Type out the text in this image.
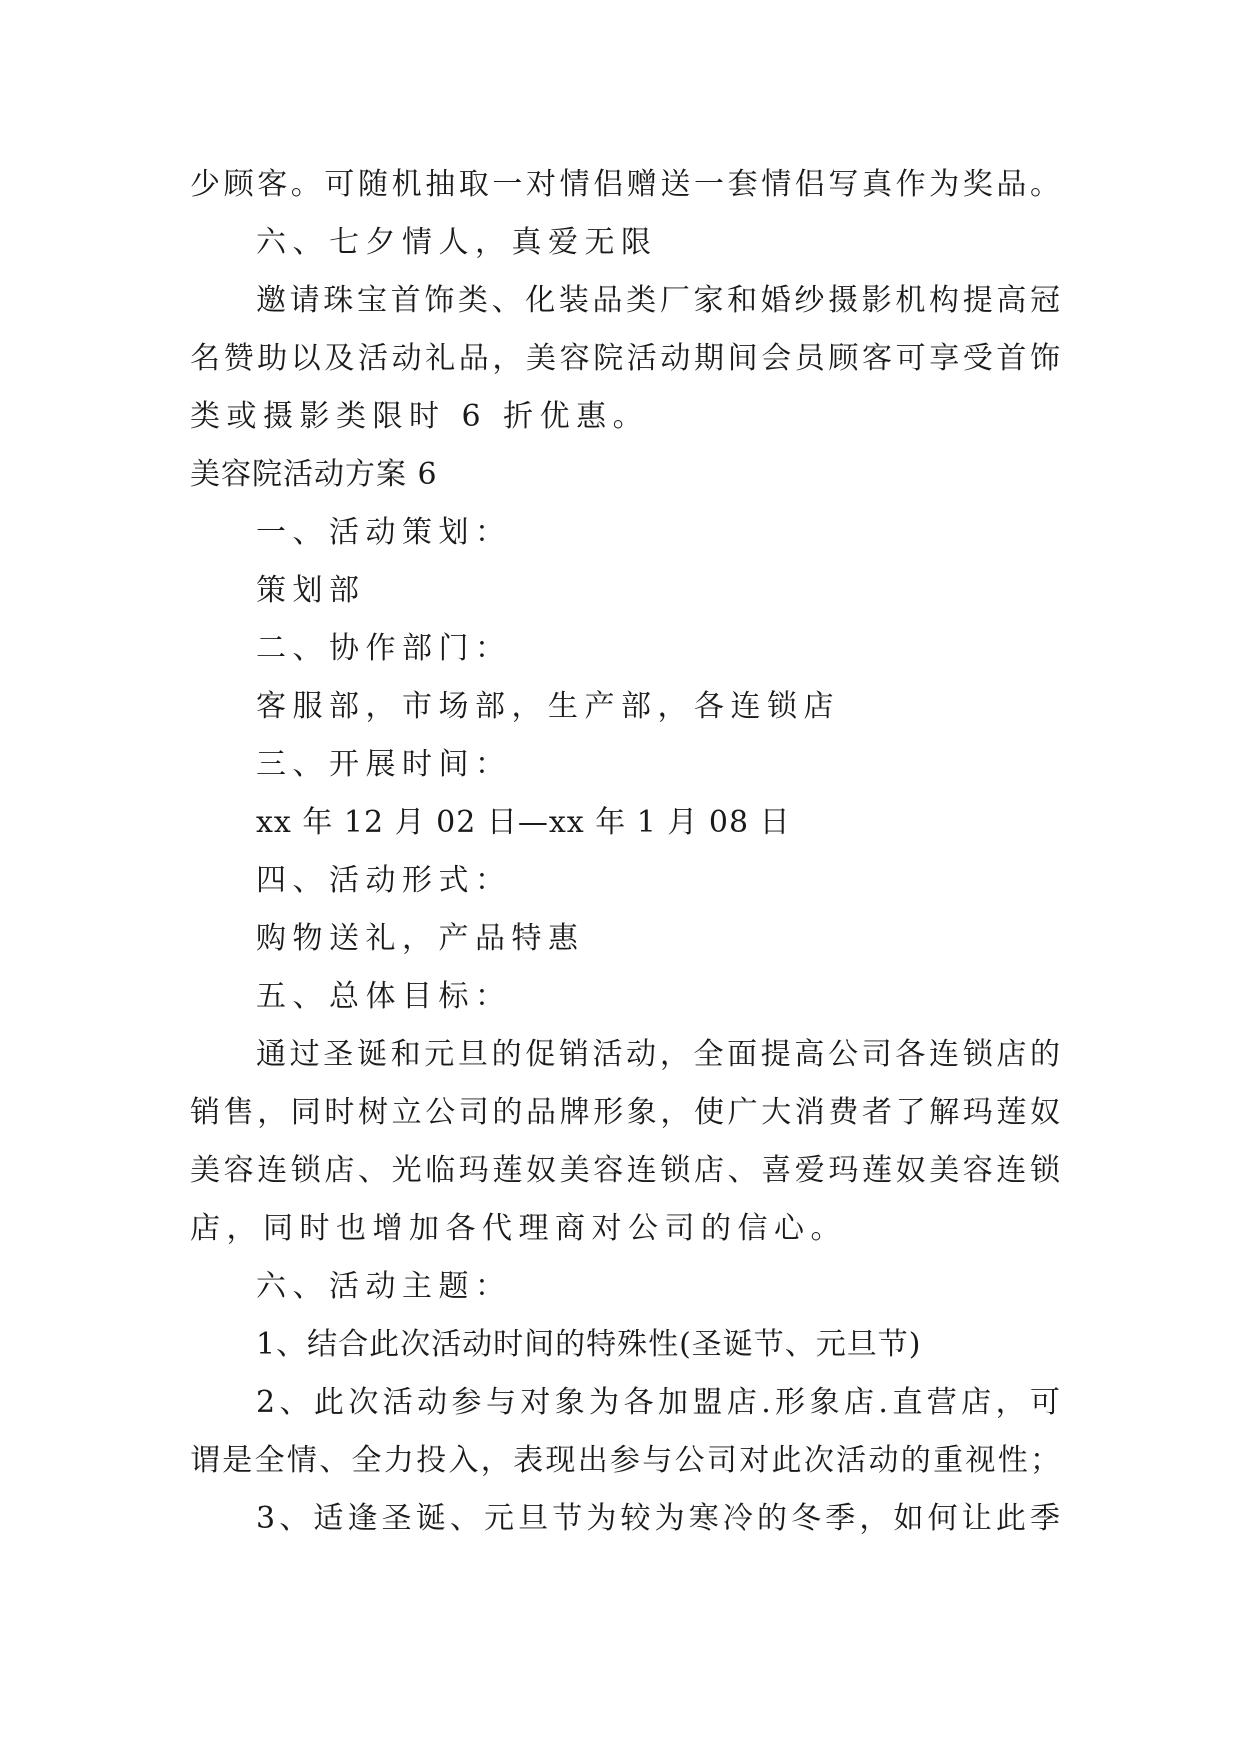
少顾客。可随机抽取一对情侣赠送一套情侣写真作为奖品。
六、七夕情人，真爱无限
邀请珠宝首饰类、化装品类厂家和婚纱摄影机构提高冠
名赞助以及活动礼品，美容院活动期间会员顾客可享受首饰
类或摄影类限时 6 折优惠。
美容院活动方案 6
一、活动策划：
策划部
二、协作部门：
客服部，市场部，生产部，各连锁店
三、开展时间：
xx 年 12 月 02 日—xx 年 1 月 08 日
四、活动形式：
购物送礼，产品特惠
五、总体目标：
通过圣诞和元旦的促销活动，全面提高公司各连锁店的
销售，同时树立公司的品牌形象，使广大消费者了解玛莲奴
美容连锁店、光临玛莲奴美容连锁店、喜爱玛莲奴美容连锁
店，同时也增加各代理商对公司的信心。
六、活动主题：
1、结合此次活动时间的特殊性(圣诞节、元旦节)
2、此次活动参与对象为各加盟店.形象店.直营店，可
谓是全情、全力投入，表现出参与公司对此次活动的重视性；
3、适逢圣诞、元旦节为较为寒冷的冬季，如何让此季
